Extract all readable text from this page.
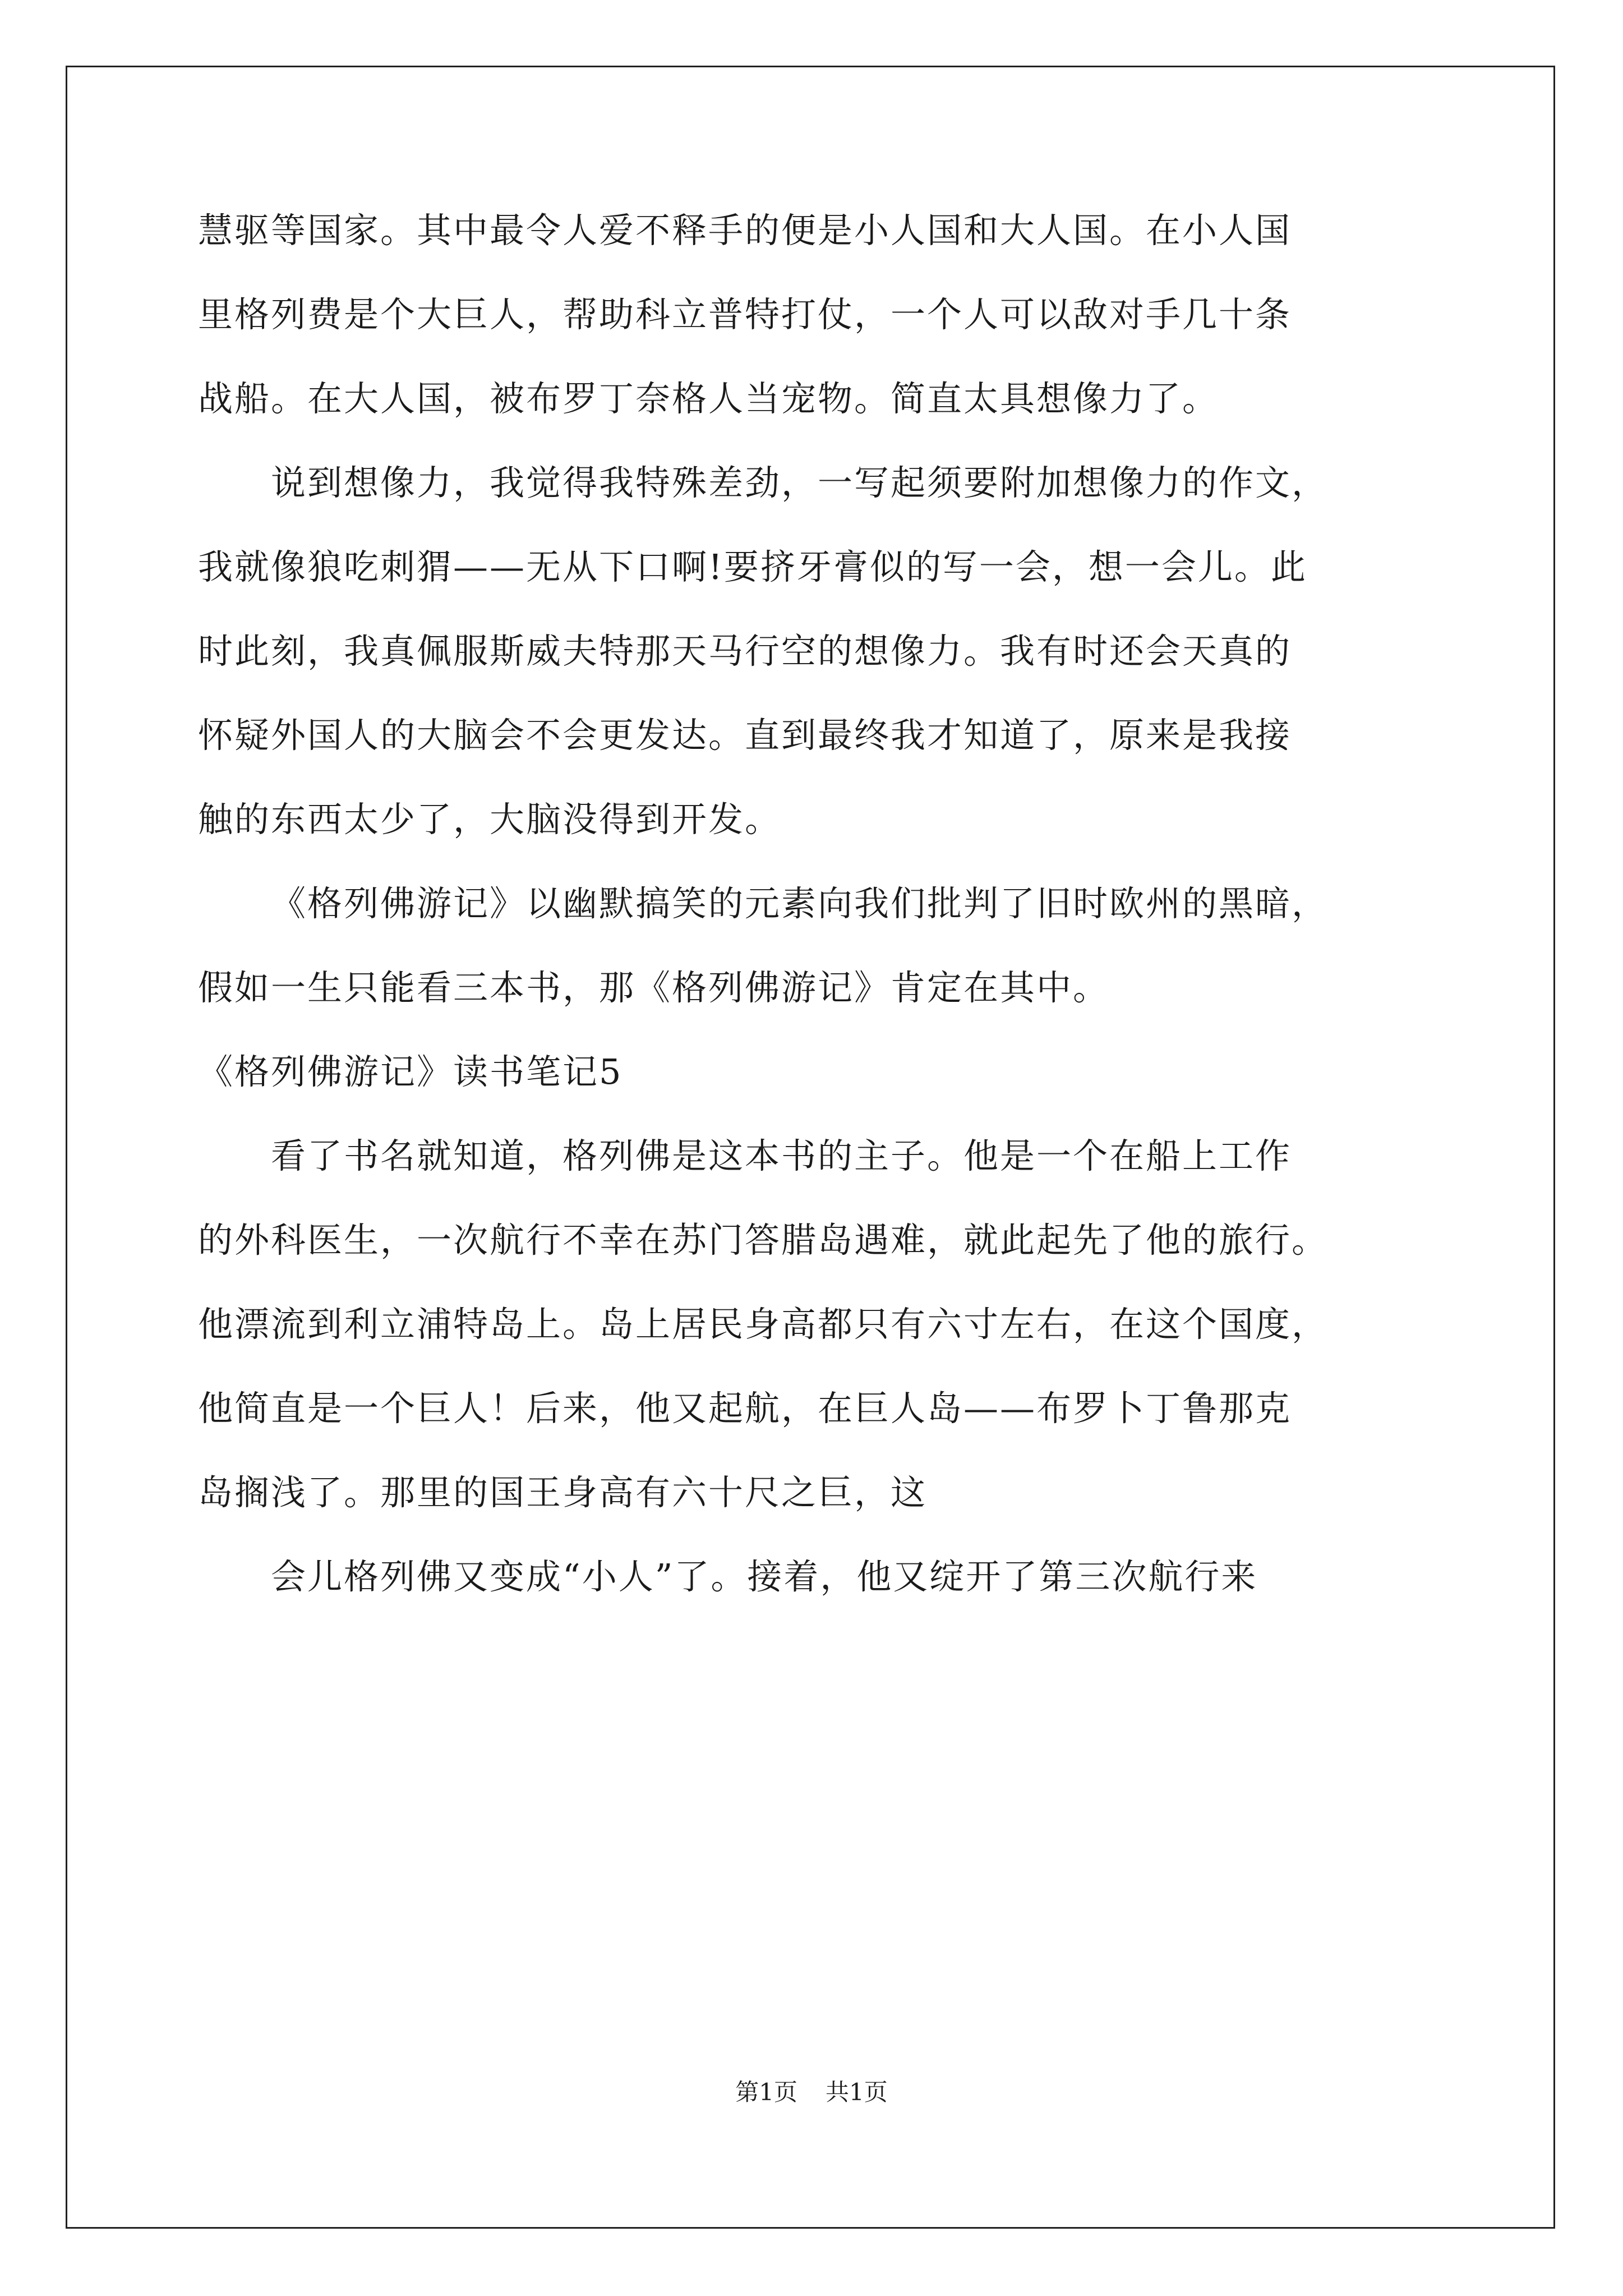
慧驱等国家。其中最令人爱不释手的便是小人国和大人国。在小人国
里格列费是个大巨人，帮助科立普特打仗，一个人可以敌对手几十条
战船。在大人国，被布罗丁奈格人当宠物。简直太具想像力了。
说到想像力，我觉得我特殊差劲，一写起须要附加想像力的作文，
我就像狼吃刺猬——无从下口啊!要挤牙膏似的写一会，想一会儿。此
时此刻，我真佩服斯威夫特那天马行空的想像力。我有时还会天真的
怀疑外国人的大脑会不会更发达。直到最终我才知道了，原来是我接
触的东西太少了，大脑没得到开发。
《格列佛游记》以幽默搞笑的元素向我们批判了旧时欧州的黑暗，
假如一生只能看三本书，那《格列佛游记》肯定在其中。
《格列佛游记》读书笔记5
看了书名就知道，格列佛是这本书的主子。他是一个在船上工作
的外科医生，一次航行不幸在苏门答腊岛遇难，就此起先了他的旅行。
他漂流到利立浦特岛上。岛上居民身高都只有六寸左右，在这个国度，
他简直是一个巨人！后来，他又起航，在巨人岛——布罗卜丁鲁那克
岛搁浅了。那里的国王身高有六十尺之巨，这
会儿格列佛又变成“小人”了。接着，他又绽开了第三次航行来
第1页 共1页
